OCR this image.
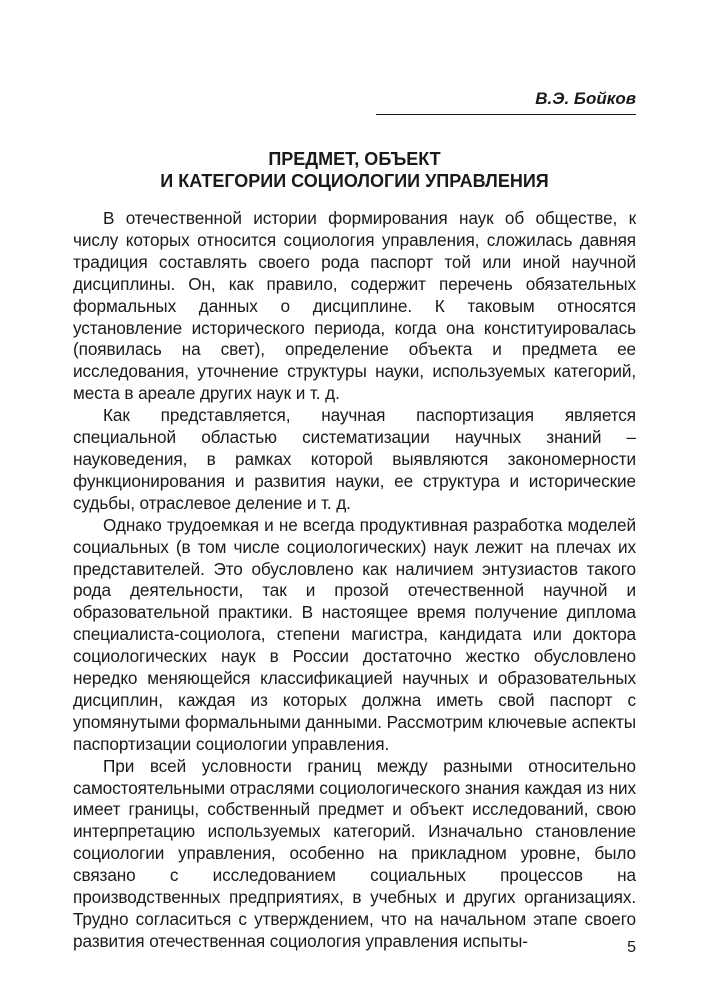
В.Э. Бойков
ПРЕДМЕТ, ОБЪЕКТ
И КАТЕГОРИИ СОЦИОЛОГИИ УПРАВЛЕНИЯ

В отечественной истории формирования наук об обществе, к числу которых относится социология управления, сложилась давняя традиция составлять своего рода паспорт той или иной научной дисциплины. Он, как правило, содержит перечень обязательных формальных данных о дисциплине. К таковым относятся установление исторического периода, когда она конституировалась (появилась на свет), определение объекта и предмета ее исследования, уточнение структуры науки, используемых категорий, места в ареале других наук и т. д.

Как представляется, научная паспортизация является специальной областью систематизации научных знаний – науковедения, в рамках которой выявляются закономерности функционирования и развития науки, ее структура и исторические судьбы, отраслевое деление и т. д.

Однако трудоемкая и не всегда продуктивная разработка моделей социальных (в том числе социологических) наук лежит на плечах их представителей. Это обусловлено как наличием энтузиастов такого рода деятельности, так и прозой отечественной научной и образовательной практики. В настоящее время получение диплома специалиста-социолога, степени магистра, кандидата или доктора социологических наук в России достаточно жестко обусловлено нередко меняющейся классификацией научных и образовательных дисциплин, каждая из которых должна иметь свой паспорт с упомянутыми формальными данными. Рассмотрим ключевые аспекты паспортизации социологии управления.

При всей условности границ между разными относительно самостоятельными отраслями социологического знания каждая из них имеет границы, собственный предмет и объект исследований, свою интерпретацию используемых категорий. Изначально становление социологии управления, особенно на прикладном уровне, было связано с исследованием социальных процессов на производственных предприятиях, в учебных и других организациях. Трудно согласиться с утверждением, что на начальном этапе своего развития отечественная социология управления испыты-	5
